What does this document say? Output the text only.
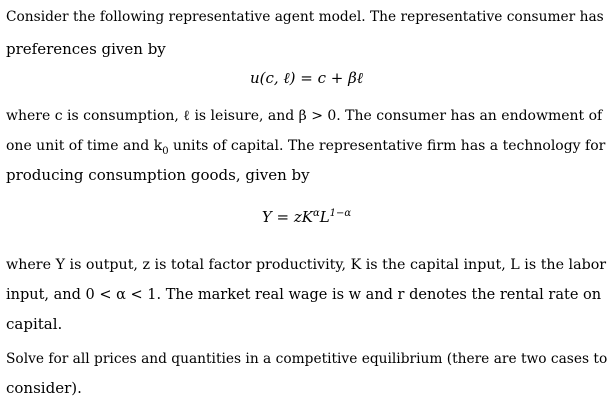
Consider the following representative agent model. The representative consumer has
preferences given by
u(c, ℓ) = c + βℓ
where c is consumption, ℓ is leisure, and β > 0. The consumer has an endowment of
one unit of time and $k_0$ units of capital. The representative firm has a technology for
producing consumption goods, given by
$Y = zK^\alpha L^{1-\alpha}$
where Y is output, z is total factor productivity, K is the capital input, L is the labor
input, and 0 < α < 1. The market real wage is w and r denotes the rental rate on
capital.
Solve for all prices and quantities in a competitive equilibrium (there are two cases to
consider).
